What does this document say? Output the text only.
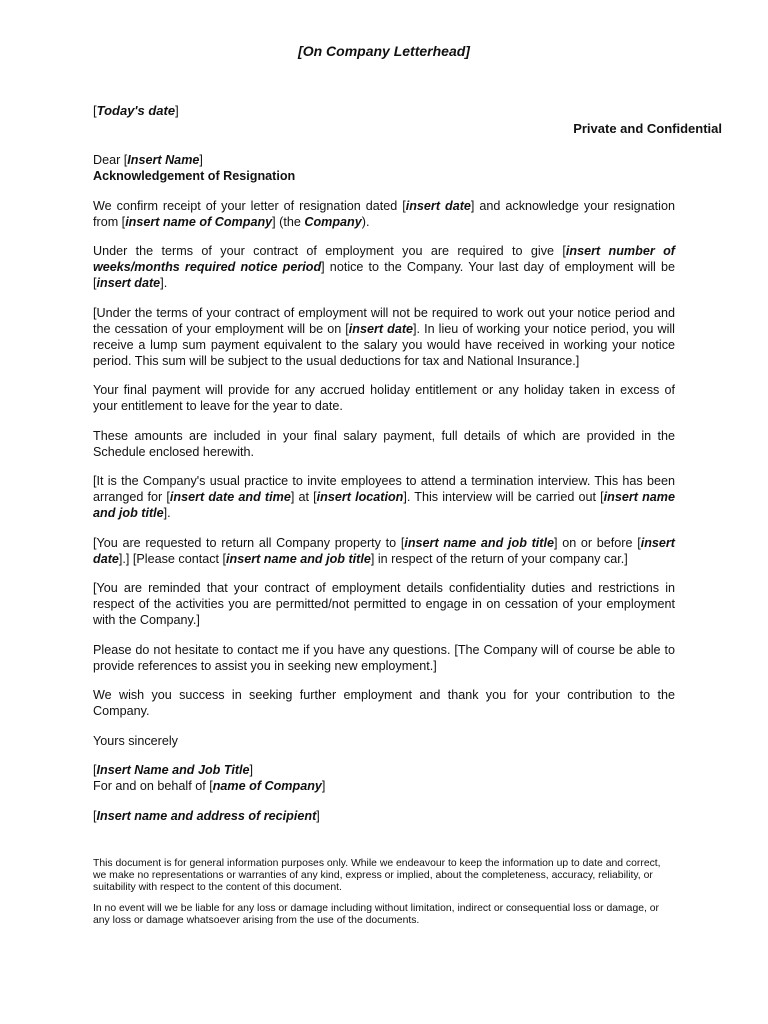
[On Company Letterhead]
[Today's date]
Private and Confidential

Dear [Insert Name]

Acknowledgement of Resignation

We confirm receipt of your letter of resignation dated [insert date] and acknowledge your resignation from [insert name of Company] (the Company).

Under the terms of your contract of employment you are required to give [insert number of weeks/months required notice period] notice to the Company. Your last day of employment will be [insert date].

[Under the terms of your contract of employment will not be required to work out your notice period and the cessation of your employment will be on [insert date]. In lieu of working your notice period, you will receive a lump sum payment equivalent to the salary you would have received in working your notice period. This sum will be subject to the usual deductions for tax and National Insurance.]

Your final payment will provide for any accrued holiday entitlement or any holiday taken in excess of your entitlement to leave for the year to date.

These amounts are included in your final salary payment, full details of which are provided in the Schedule enclosed herewith.

[It is the Company's usual practice to invite employees to attend a termination interview. This has been arranged for [insert date and time] at [insert location]. This interview will be carried out [insert name and job title].

[You are requested to return all Company property to [insert name and job title] on or before [insert date].] [Please contact [insert name and job title] in respect of the return of your company car.]

[You are reminded that your contract of employment details confidentiality duties and restrictions in respect of the activities you are permitted/not permitted to engage in on cessation of your employment with the Company.]

Please do not hesitate to contact me if you have any questions. [The Company will of course be able to provide references to assist you in seeking new employment.]

We wish you success in seeking further employment and thank you for your contribution to the Company.

Yours sincerely

[Insert Name and Job Title]

For and on behalf of [name of Company]

[Insert name and address of recipient]

This document is for general information purposes only. While we endeavour to keep the information up to date and correct, we make no representations or warranties of any kind, express or implied, about the completeness, accuracy, reliability, or suitability with respect to the content of this document.

In no event will we be liable for any loss or damage including without limitation, indirect or consequential loss or damage, or any loss or damage whatsoever arising from the use of the documents.
